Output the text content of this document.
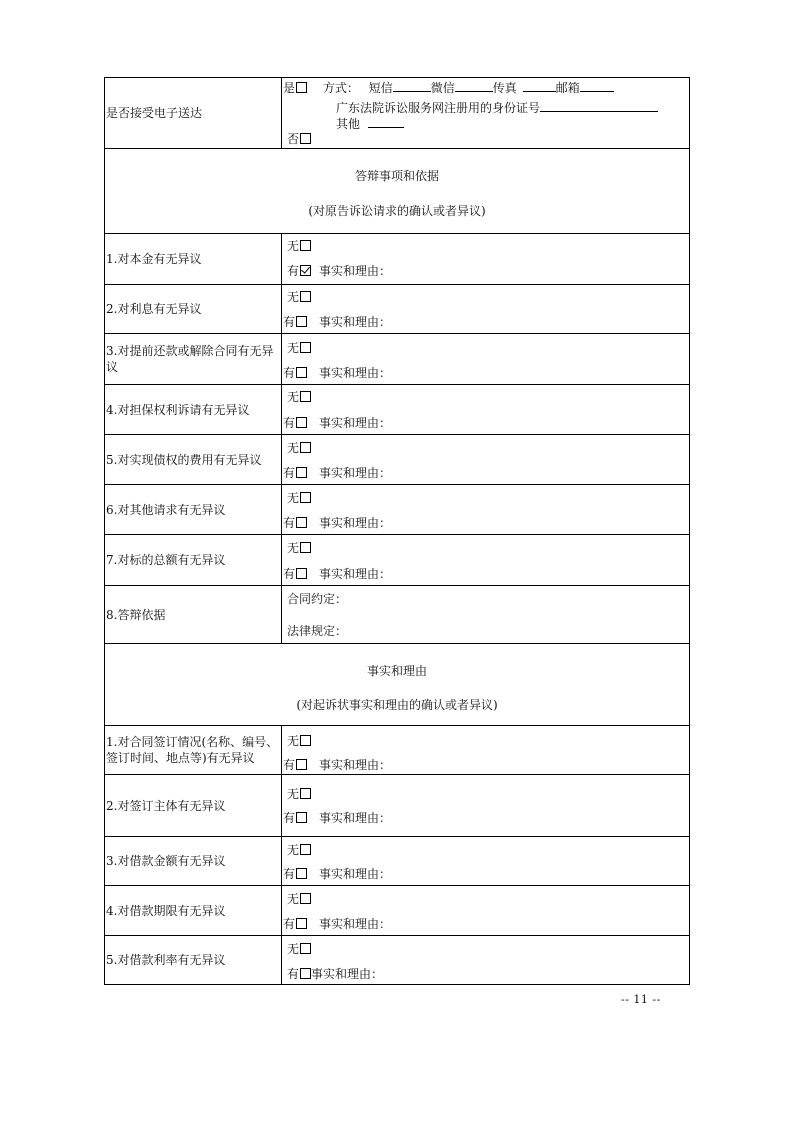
是否接受电子送达	是 方式： 短信 微信 传真 邮箱
广东法院诉讼服务网注册用的身份证号
其他
否

答辩事项和依据
(对原告诉讼请求的确认或者异议)	

1.对本金有无异议	无
有 事实和理由：

2.对利息有无异议	无
有 事实和理由：

3.对提前还款或解除合同有无异议	无
有 事实和理由：

4.对担保权利诉请有无异议	无
有 事实和理由：

5.对实现债权的费用有无异议	无
有 事实和理由：

6.对其他请求有无异议	无
有 事实和理由：

7.对标的总额有无异议	无
有 事实和理由：

8.答辩依据	合同约定：
法律规定：

事实和理由
(对起诉状事实和理由的确认或者异议)	

1.对合同签订情况(名称、编号、签订时间、地点等)有无异议	无
有 事实和理由：

2.对签订主体有无异议	无
有 事实和理由：

3.对借款金额有无异议	无
有 事实和理由：

4.对借款期限有无异议	无
有 事实和理由：

5.对借款利率有无异议	无
有 事实和理由：
-- 11 --
